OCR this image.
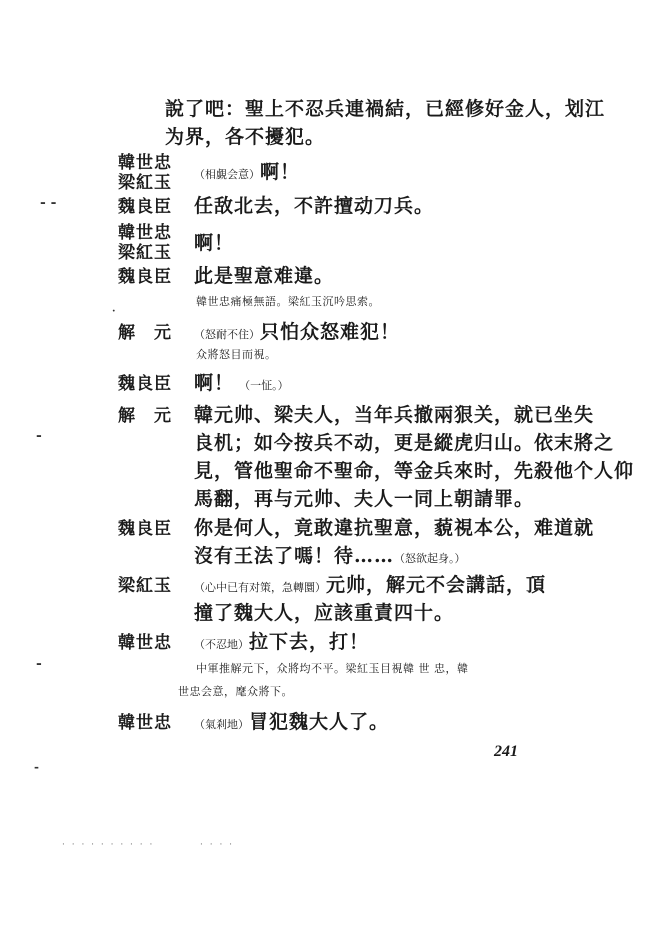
- -
·
-
-
-
說了吧：聖上不忍兵連禍結，已經修好金人，划江
为界，各不擾犯。
韓世忠
梁紅玉 （相覷会意）啊！
魏良臣 任敌北去，不許擅动刀兵。
韓世忠
梁紅玉 啊！
魏良臣 此是聖意难違。
韓世忠痛極無語。梁紅玉沉吟思索。
解　元 （怒耐不住）只怕众怒难犯！
众將怒目而視。
魏良臣 啊！ （一怔。）
解　元 韓元帅、梁夫人，当年兵撤兩狠关，就已坐失
良机；如今按兵不动，更是縱虎归山。依末將之
見，管他聖命不聖命，等金兵來时，先殺他个人仰
馬翻，再与元帅、夫人一同上朝請罪。
魏良臣 你是何人，竟敢違抗聖意，藐視本公，难道就
沒有王法了嗎！待……（怒欲起身。）
梁紅玉 （心中已有对策，急轉圜）元帅，解元不会講話，頂
撞了魏大人，应該重責四十。
韓世忠 （不忍地）拉下去，打！
中軍推解元下，众將均不平。梁紅玉目視韓 世 忠，韓
世忠会意，麾众將下。
韓世忠 （氣剎地）冒犯魏大人了。
241
· · · · · · · · · ·	· · · ·
